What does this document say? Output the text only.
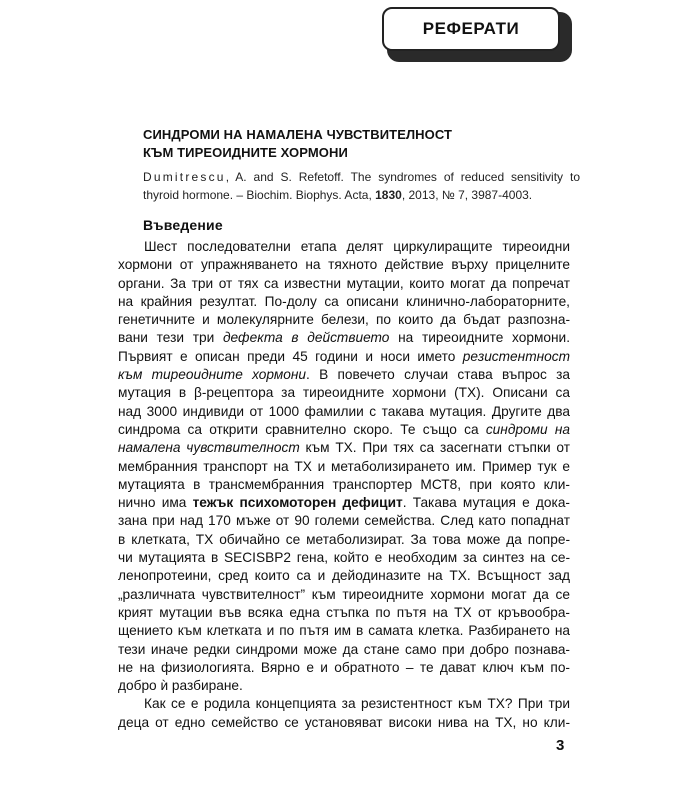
РЕФЕРАТИ
СИНДРОМИ НА НАМАЛЕНА ЧУВСТВИТЕЛНОСТ
КЪМ ТИРЕОИДНИТЕ ХОРМОНИ
Dumitrescu, A. and S. Refetoff. The syndromes of reduced sensitivity to
thyroid hormone. – Biochim. Biophys. Acta, 1830, 2013, № 7, 3987-4003.
Въведение
Шест последователни етапа делят циркулиращите тиреоидни
хормони от упражняването на тяхното действие върху прицелните
органи. За три от тях са известни мутации, които могат да попречат
на крайния резултат. По-долу са описани клинично-лабораторните,
генетичните и молекулярните белези, по които да бъдат разпозна-
вани тези три дефекта в действието на тиреоидните хормони.
Първият е описан преди 45 години и носи името резистентност
към тиреоидните хормони. В повечето случаи става въпрос за
мутация в β-рецептора за тиреоидните хормони (ТХ). Описани са
над 3000 индивиди от 1000 фамилии с такава мутация. Другите два
синдрома са открити сравнително скоро. Те също са синдроми на
намалена чувствителност към ТХ. При тях са засегнати стъпки от
мембранния транспорт на ТХ и метаболизирането им. Пример тук е
мутацията в трансмембранния транспортер МСТ8, при която кли-
нично има тежък психомоторен дефицит. Такава мутация е дока-
зана при над 170 мъже от 90 големи семейства. След като попаднат
в клетката, ТХ обичайно се метаболизират. За това може да попре-
чи мутацията в SECISBP2 гена, който е необходим за синтез на се-
ленопротеини, сред които са и дейодиназите на ТХ. Всъщност зад
„различната чувствителност” към тиреоидните хормони могат да се
крият мутации във всяка една стъпка по пътя на ТХ от кръвообра-
щението към клетката и по пътя им в самата клетка. Разбирането на
тези иначе редки синдроми може да стане само при добро познава-
не на физиологията. Вярно е и обратното – те дават ключ към по-
добро ѝ разбиране.
Как се е родила концепцията за резистентност към ТХ? При три
деца от едно семейство се установяват високи нива на ТХ, но кли-
3
